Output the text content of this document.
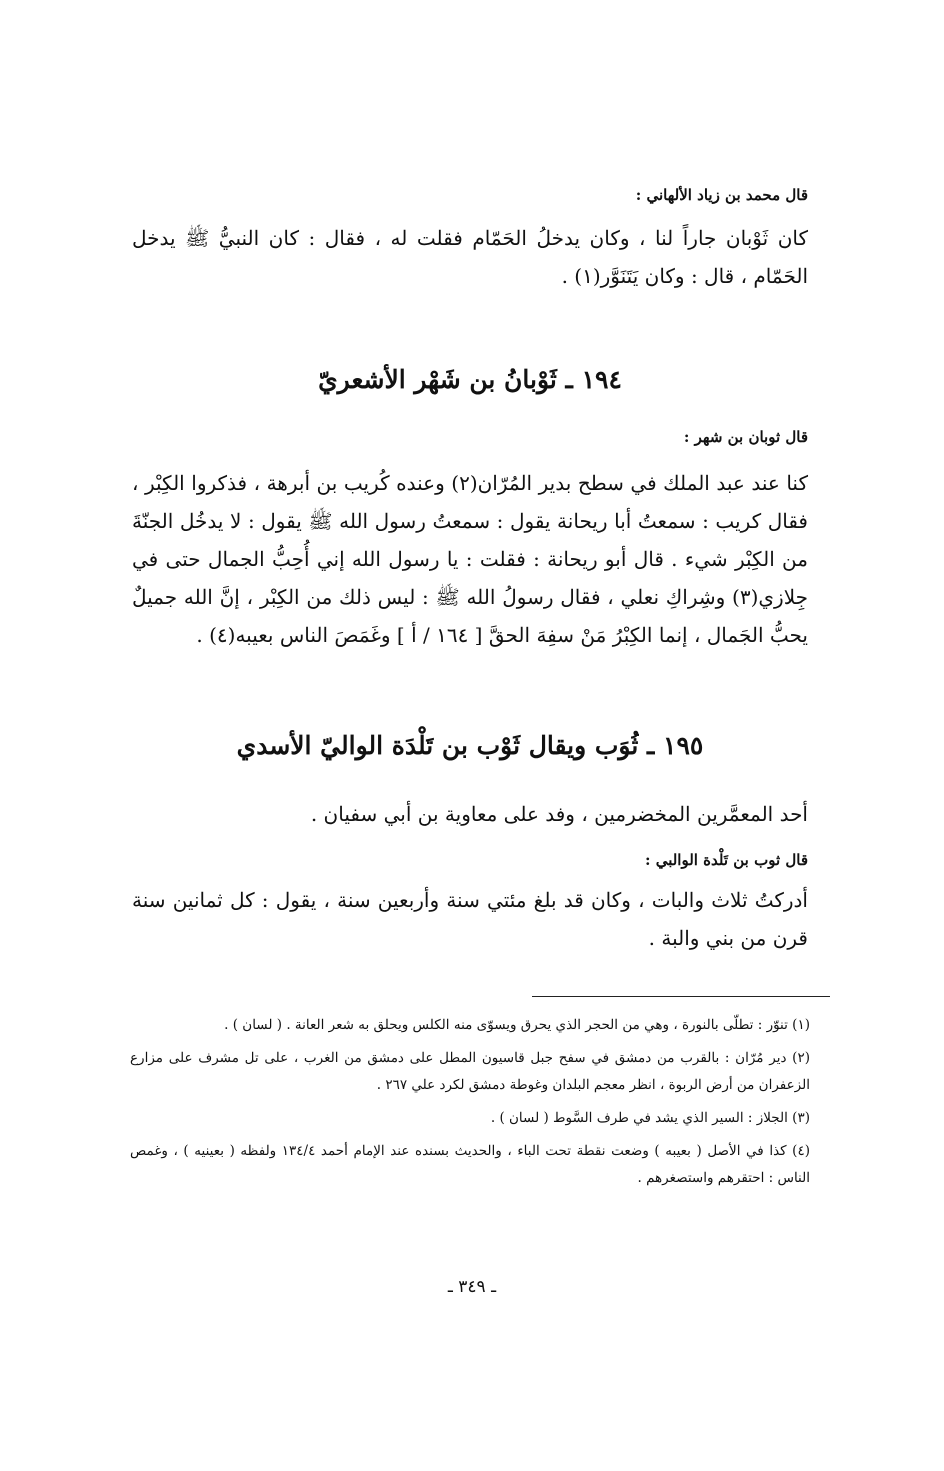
قال محمد بن زياد الألهاني :
كان ثَوْبان جاراً لنا ، وكان يدخلُ الحَمّام فقلت له ، فقال : كان النبيُّ ﷺ يدخل الحَمّام ، قال : وكان يَتَنَوَّر(١) .
١٩٤ ـ ثَوْبانُ بن شَهْر الأشعريّ
قال ثوبان بن شهر :
كنا عند عبد الملك في سطح بدير المُرّان(٢) وعنده كُريب بن أبرهة ، فذكروا الكِبْر ، فقال كريب : سمعتُ أبا ريحانة يقول : سمعتُ رسول الله ﷺ يقول : لا يدخُل الجنّةَ من الكِبْر شيء . قال أبو ريحانة : فقلت : يا رسول الله إني أُحِبُّ الجمال حتى في جِلازي(٣) وشِراكِ نعلي ، فقال رسولُ الله ﷺ : ليس ذلك من الكِبْر ، إنَّ الله جميلٌ يحبُّ الجَمال ، إنما الكِبْرُ مَنْ سفِهَ الحقَّ [ ١٦٤ / أ ] وغَمَصَ الناس بعيبه(٤) .
١٩٥ ـ ثُوَب ويقال ثَوْب بن تَلْدَة الواليّ الأسدي
أحد المعمَّرين المخضرمين ، وفد على معاوية بن أبي سفيان .
قال ثوب بن تَلْدة الوالبي :
أدركتُ ثلاث والبات ، وكان قد بلغ مئتي سنة وأربعين سنة ، يقول : كل ثمانين سنة قرن من بني والبة .
(١) تنوّر : تطلّى بالنورة ، وهي من الحجر الذي يحرق ويسوّى منه الكلس ويحلق به شعر العانة . ( لسان ) .
(٢) دير مُرّان : بالقرب من دمشق في سفح جبل قاسيون المطل على دمشق من الغرب ، على تل مشرف على مزارع الزعفران من أرض الربوة ، انظر معجم البلدان وغوطة دمشق لكرد علي ٢٦٧ .
(٣) الجلاز : السير الذي يشد في طرف السَّوط ( لسان ) .
(٤) كذا في الأصل ( بعيبه ) وضعت نقطة تحت الباء ، والحديث بسنده عند الإمام أحمد ١٣٤/٤ ولفظه ( بعينيه ) ، وغمص الناس : احتقرهم واستصغرهم .
ـ ٣٤٩ ـ
